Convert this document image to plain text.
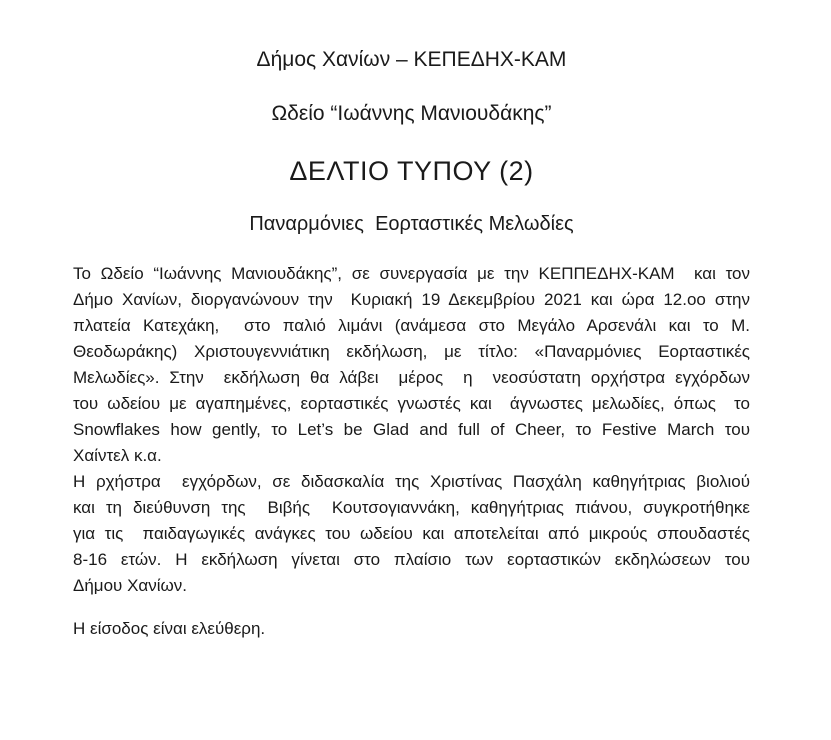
Δήμος Χανίων – ΚΕΠΕΔΗΧ-ΚΑΜ
Ωδείο “Ιωάννης Μανιουδάκης”
ΔΕΛΤΙΟ ΤΥΠΟΥ (2)
Παναρμόνιες  Εορταστικές Μελωδίες
Το Ωδείο “Ιωάννης Μανιουδάκης”, σε συνεργασία με την ΚΕΠΠΕΔΗΧ-ΚΑΜ  και τον
Δήμο Χανίων, διοργανώνουν την  Κυριακή 19 Δεκεμβρίου 2021 και ώρα 12.οο στην
πλατεία Κατεχάκη,  στο παλιό λιμάνι (ανάμεσα στο Μεγάλο Αρσενάλι και το Μ.
Θεοδωράκης) Χριστουγεννιάτικη εκδήλωση, με τίτλο: «Παναρμόνιες Εορταστικές
Μελωδίες». Στην  εκδήλωση θα λάβει  μέρος  η  νεοσύστατη ορχήστρα εγχόρδων
του ωδείου με αγαπημένες, εορταστικές γνωστές και  άγνωστες μελωδίες, όπως  το
Snowflakes how gently, το Let’s be Glad and full of Cheer, το Festive March του
Χαίντελ κ.α.
Η ρχήστρα  εγχόρδων, σε διδασκαλία της Χριστίνας Πασχάλη καθηγήτριας βιολιού
και τη διεύθυνση της  Βιβής  Κουτσογιαννάκη, καθηγήτριας πιάνου, συγκροτήθηκε
για τις  παιδαγωγικές ανάγκες του ωδείου και αποτελείται από μικρούς σπουδαστές
8-16 ετών. Η εκδήλωση γίνεται στο πλαίσιο των εορταστικών εκδηλώσεων του
Δήμου Χανίων.
Η είσοδος είναι ελεύθερη.
